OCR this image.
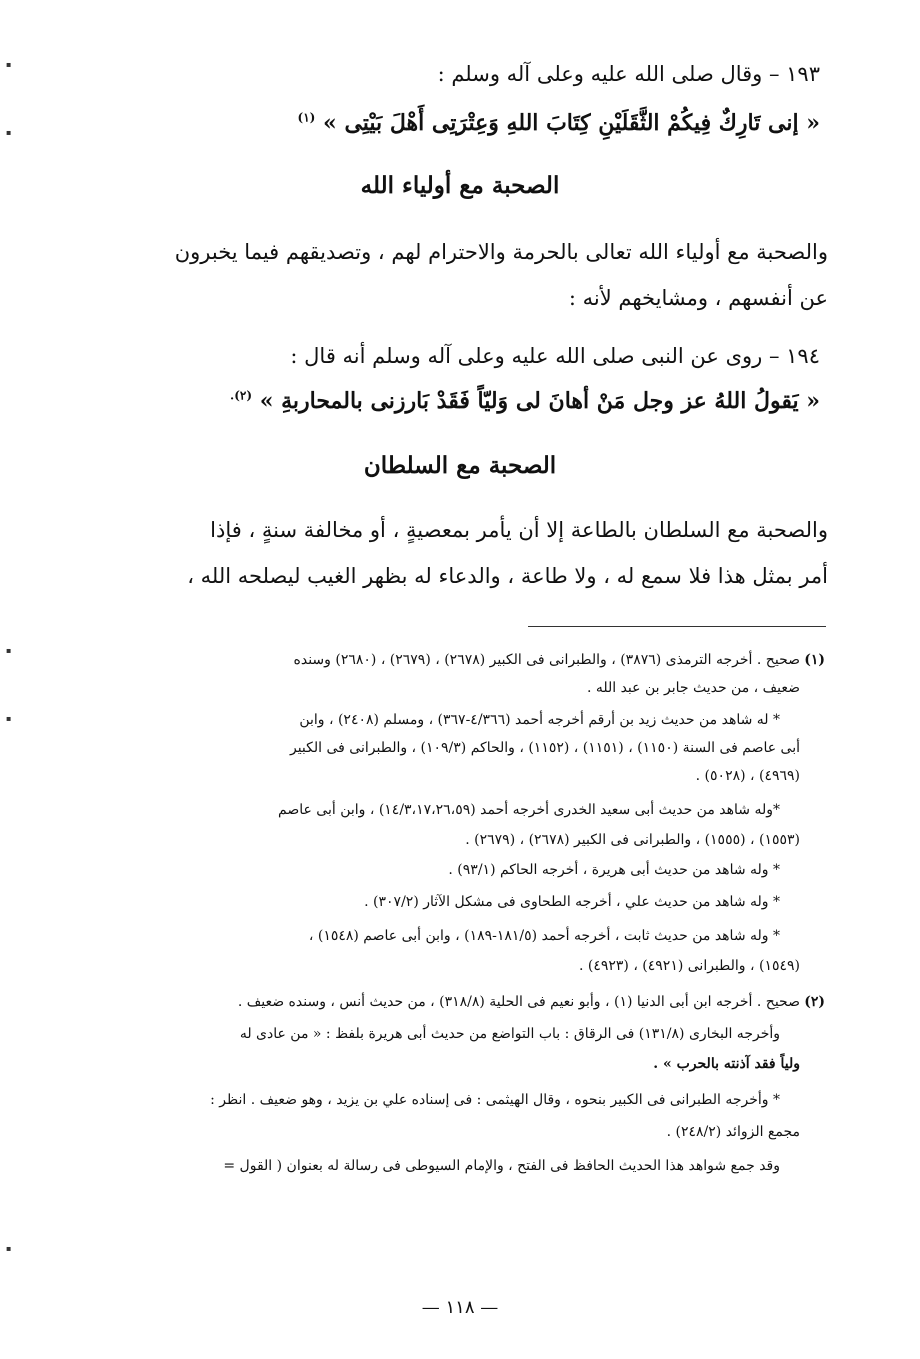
▪
▪
▪
▪
▪
١٩٣ – وقال صلى الله عليه وعلى آله وسلم :
« إنى تَارِكٌ فِيكُمْ الثَّقَلَيْنِ كِتَابَ اللهِ وَعِتْرَتِى أَهْلَ بَيْتِى » $^{(١)}$
الصحبة مع أولياء الله
والصحبة مع أولياء الله تعالى بالحرمة والاحترام لهم ، وتصديقهم فيما يخبرون
عن أنفسهم ، ومشايخهم لأنه :
١٩٤ – روى عن النبى صلى الله عليه وعلى آله وسلم أنه قال :
« يَقولُ اللهُ عز وجل مَنْ أهانَ لى وَليّاً فَقَدْ بَارزنى بالمحاربةِ » $^{(٢).}$
الصحبة مع السلطان
والصحبة مع السلطان بالطاعة إلا أن يأمر بمعصيةٍ ، أو مخالفة سنةٍ ، فإذا
أمر بمثل هذا فلا سمع له ، ولا طاعة ، والدعاء له بظهر الغيب ليصلحه الله ،
(١)
صحيح . أخرجه الترمذى (٣٨٧٦) ، والطبرانى فى الكبير (٢٦٧٨) ، (٢٦٧٩) ، (٢٦٨٠) وسنده
ضعيف ، من حديث جابر بن عبد الله .
* له شاهد من حديث زيد بن أرقم أخرجه أحمد (٤/٣٦٦-٣٦٧) ، ومسلم (٢٤٠٨) ، وابن
أبى عاصم فى السنة (١١٥٠) ، (١١٥١) ، (١١٥٢) ، والحاكم (١٠٩/٣) ، والطبرانى فى الكبير
(٤٩٦٩) ، (٥٠٢٨) .
*وله شاهد من حديث أبى سعيد الخدرى أخرجه أحمد (١٤/٣،١٧،٢٦،٥٩) ، وابن أبى عاصم
(١٥٥٣) ، (١٥٥٥) ، والطبرانى فى الكبير (٢٦٧٨) ، (٢٦٧٩) .
* وله شاهد من حديث أبى هريرة ، أخرجه الحاكم (٩٣/١) .
* وله شاهد من حديث علي ، أخرجه الطحاوى فى مشكل الآثار (٣٠٧/٢) .
* وله شاهد من حديث ثابت ، أخرجه أحمد (١٨١/٥-١٨٩) ، وابن أبى عاصم (١٥٤٨) ،
(١٥٤٩) ، والطبرانى (٤٩٢١) ، (٤٩٢٣) .
(٢)
صحيح . أخرجه ابن أبى الدنيا (١) ، وأبو نعيم فى الحلية (٣١٨/٨) ، من حديث أنس ، وسنده ضعيف .
وأخرجه البخارى (١٣١/٨) فى الرقاق : باب التواضع من حديث أبى هريرة بلفظ : « من عادى له
ولياً فقد آذنته بالحرب » .
* وأخرجه الطبرانى فى الكبير بنحوه ، وقال الهيثمى : فى إسناده علي بن يزيد ، وهو ضعيف . انظر :
مجمع الزوائد (٢٤٨/٢) .
وقد جمع شواهد هذا الحديث الحافظ فى الفتح ، والإمام السيوطى فى رسالة له بعنوان ( القول =
— ١١٨ —
